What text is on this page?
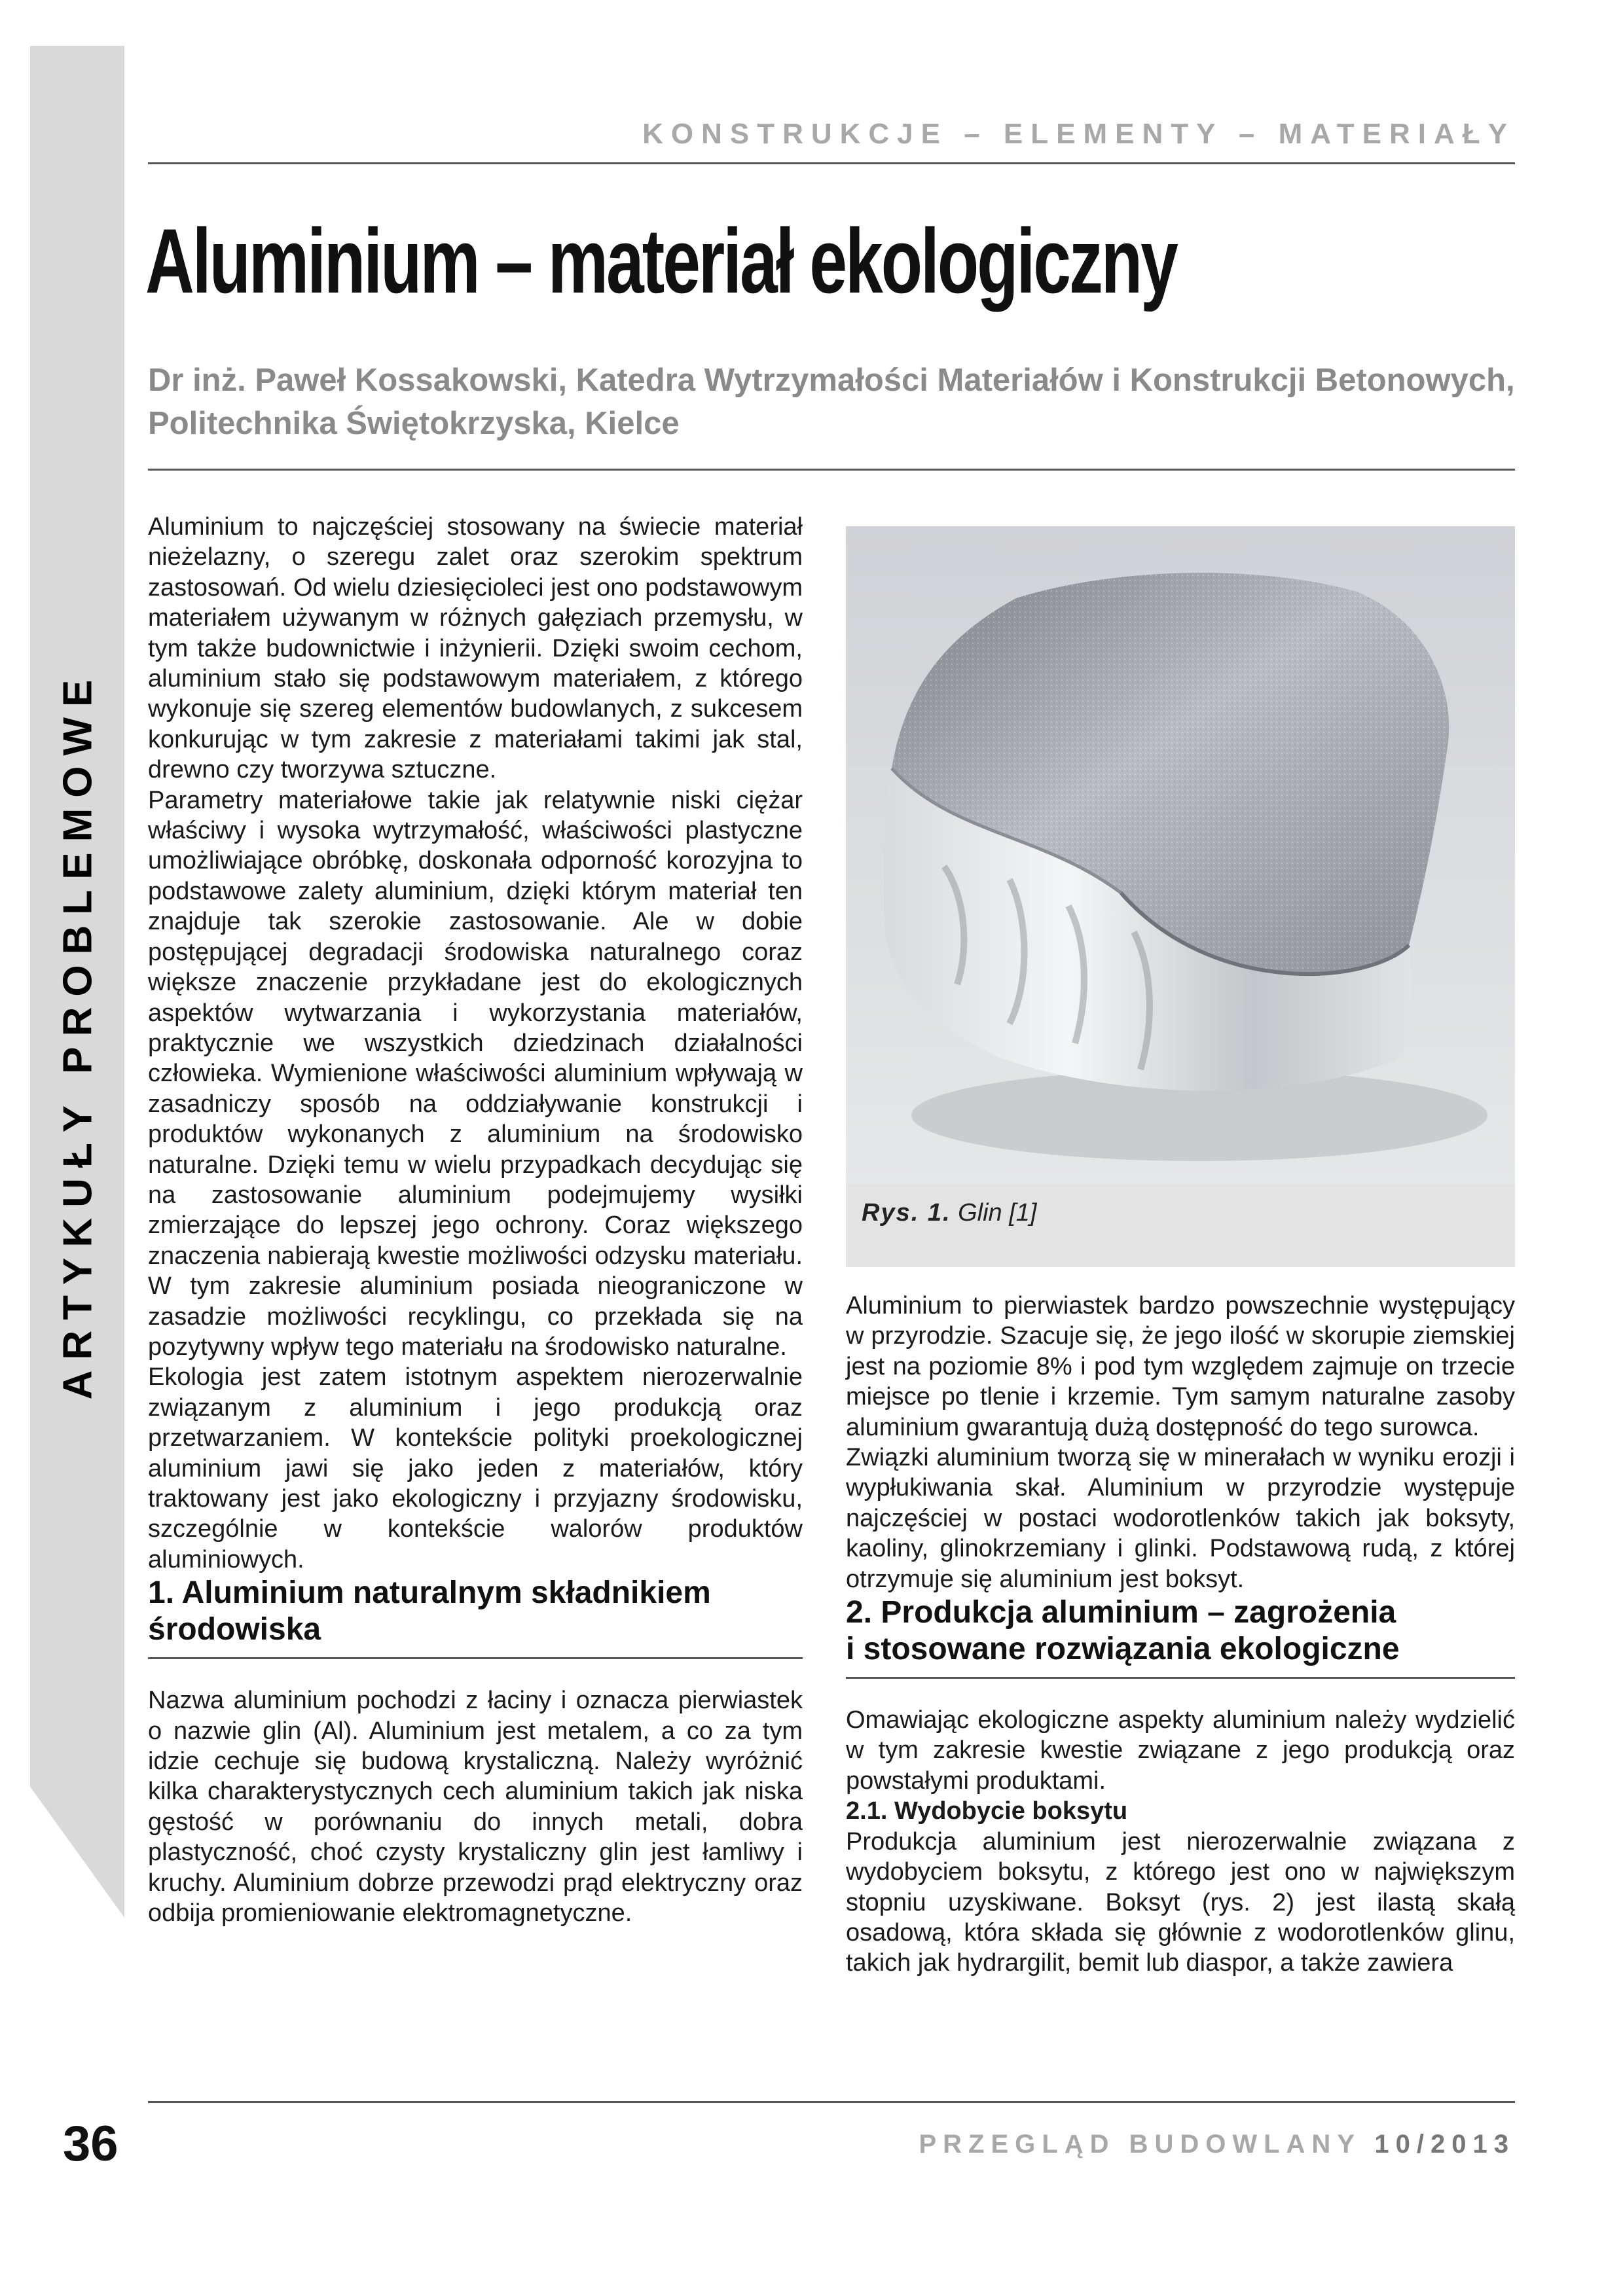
ARTYKUŁY PROBLEMOWE
KONSTRUKCJE – ELEMENTY – MATERIAŁY
Aluminium – materiał ekologiczny

Dr inż. Paweł Kossakowski, Katedra Wytrzymałości Materiałów i Konstrukcji Betonowych, Politechnika Świętokrzyska, Kielce

Aluminium to najczęściej stosowany na świecie materiał nieżelazny, o szeregu zalet oraz szerokim spektrum zastosowań. Od wielu dziesięcioleci jest ono podstawowym materiałem używanym w różnych gałęziach przemysłu, w tym także budownictwie i inżynierii. Dzięki swoim cechom, aluminium stało się podstawowym materiałem, z którego wykonuje się szereg elementów budowlanych, z sukcesem konkurując w tym zakresie z materiałami takimi jak stal, drewno czy tworzywa sztuczne.

Parametry materiałowe takie jak relatywnie niski ciężar właściwy i wysoka wytrzymałość, właściwości plastyczne umożliwiające obróbkę, doskonała odporność korozyjna to podstawowe zalety aluminium, dzięki którym materiał ten znajduje tak szerokie zastosowanie. Ale w dobie postępującej degradacji środowiska naturalnego coraz większe znaczenie przykładane jest do ekologicznych aspektów wytwarzania i wykorzystania materiałów, praktycznie we wszystkich dziedzinach działalności człowieka. Wymienione właściwości aluminium wpływają w zasadniczy sposób na oddziaływanie konstrukcji i produktów wykonanych z aluminium na środowisko naturalne. Dzięki temu w wielu przypadkach decydując się na zastosowanie aluminium podejmujemy wysiłki zmierzające do lepszej jego ochrony. Coraz większego znaczenia nabierają kwestie możliwości odzysku materiału. W tym zakresie aluminium posiada nieograniczone w zasadzie możliwości recyklingu, co przekłada się na pozytywny wpływ tego materiału na środowisko naturalne.

Ekologia jest zatem istotnym aspektem nierozerwalnie związanym z aluminium i jego produkcją oraz przetwarzaniem. W kontekście polityki proekologicznej aluminium jawi się jako jeden z materiałów, który traktowany jest jako ekologiczny i przyjazny środowisku, szczególnie w kontekście walorów produktów aluminiowych.

1. Aluminium naturalnym składnikiem
środowiska

Nazwa aluminium pochodzi z łaciny i oznacza pierwiastek o nazwie glin (Al). Aluminium jest metalem, a co za tym idzie cechuje się budową krystaliczną. Należy wyróżnić kilka charakterystycznych cech aluminium takich jak niska gęstość w porównaniu do innych metali, dobra plastyczność, choć czysty krystaliczny glin jest łamliwy i kruchy. Aluminium dobrze przewodzi prąd elektryczny oraz odbija promieniowanie elektromagnetyczne.

Rys. 1. Glin [1]

Aluminium to pierwiastek bardzo powszechnie występujący w przyrodzie. Szacuje się, że jego ilość w skorupie ziemskiej jest na poziomie 8% i pod tym względem zajmuje on trzecie miejsce po tlenie i krzemie. Tym samym naturalne zasoby aluminium gwarantują dużą dostępność do tego surowca.

Związki aluminium tworzą się w minerałach w wyniku erozji i wypłukiwania skał. Aluminium w przyrodzie występuje najczęściej w postaci wodorotlenków takich jak boksyty, kaoliny, glinokrzemiany i glinki. Podstawową rudą, z której otrzymuje się aluminium jest boksyt.

2. Produkcja aluminium – zagrożenia
i stosowane rozwiązania ekologiczne

Omawiając ekologiczne aspekty aluminium należy wydzielić w tym zakresie kwestie związane z jego produkcją oraz powstałymi produktami.

2.1. Wydobycie boksytu

Produkcja aluminium jest nierozerwalnie związana z wydobyciem boksytu, z którego jest ono w największym stopniu uzyskiwane. Boksyt (rys. 2) jest ilastą skałą osadową, która składa się głównie z wodorotlenków glinu, takich jak hydrargilit, bemit lub diaspor, a także zawiera

36	PRZEGLĄD BUDOWLANY 10/2013
